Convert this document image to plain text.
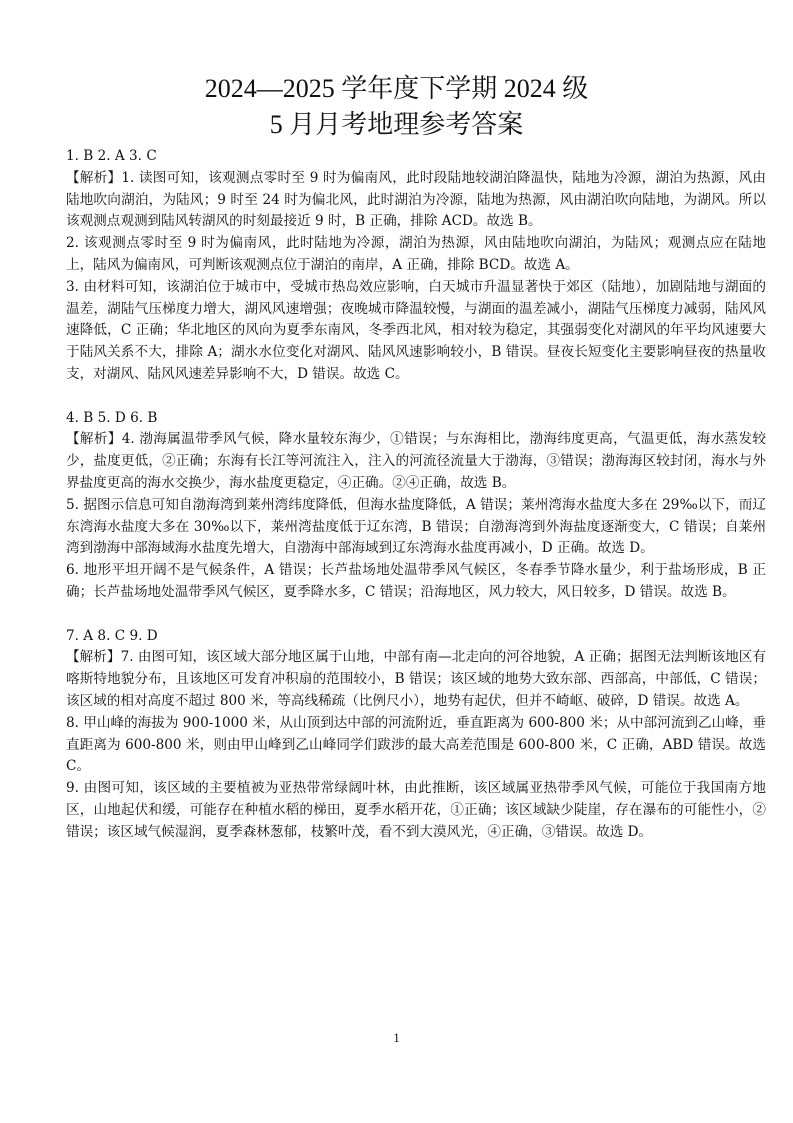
2024—2025 学年度下学期 2024 级
5 月月考地理参考答案

1. B 2. A 3. C

【解析】1. 读图可知，该观测点零时至 9 时为偏南风，此时段陆地较湖泊降温快，陆地为冷源，湖泊为热源，风由陆地吹向湖泊，为陆风；9 时至 24 时为偏北风，此时湖泊为冷源，陆地为热源，风由湖泊吹向陆地，为湖风。所以该观测点观测到陆风转湖风的时刻最接近 9 时，B 正确，排除 ACD。故选 B。

2. 该观测点零时至 9 时为偏南风，此时陆地为冷源，湖泊为热源，风由陆地吹向湖泊，为陆风；观测点应在陆地上，陆风为偏南风，可判断该观测点位于湖泊的南岸，A 正确，排除 BCD。故选 A。

3. 由材料可知，该湖泊位于城市中，受城市热岛效应影响，白天城市升温显著快于郊区（陆地），加剧陆地与湖面的温差，湖陆气压梯度力增大，湖风风速增强；夜晚城市降温较慢，与湖面的温差减小，湖陆气压梯度力减弱，陆风风速降低，C 正确；华北地区的风向为夏季东南风，冬季西北风，相对较为稳定，其强弱变化对湖风的年平均风速要大于陆风关系不大，排除 A；湖水水位变化对湖风、陆风风速影响较小，B 错误。昼夜长短变化主要影响昼夜的热量收支，对湖风、陆风风速差异影响不大，D 错误。故选 C。

4. B 5. D 6. B

【解析】4. 渤海属温带季风气候，降水量较东海少，①错误；与东海相比，渤海纬度更高，气温更低，海水蒸发较少，盐度更低，②正确；东海有长江等河流注入，注入的河流径流量大于渤海，③错误；渤海海区较封闭，海水与外界盐度更高的海水交换少，海水盐度更稳定，④正确。②④正确，故选 B。

5. 据图示信息可知自渤海湾到莱州湾纬度降低，但海水盐度降低，A 错误；莱州湾海水盐度大多在 29‰以下，而辽东湾海水盐度大多在 30‰以下，莱州湾盐度低于辽东湾，B 错误；自渤海湾到外海盐度逐渐变大，C 错误；自莱州湾到渤海中部海域海水盐度先增大，自渤海中部海域到辽东湾海水盐度再减小，D 正确。故选 D。

6. 地形平坦开阔不是气候条件，A 错误；长芦盐场地处温带季风气候区，冬春季节降水量少，利于盐场形成，B 正确；长芦盐场地处温带季风气候区，夏季降水多，C 错误；沿海地区，风力较大，风日较多，D 错误。故选 B。

7. A 8. C 9. D

【解析】7. 由图可知，该区域大部分地区属于山地，中部有南—北走向的河谷地貌，A 正确；据图无法判断该地区有喀斯特地貌分布，且该地区可发育冲积扇的范围较小，B 错误；该区域的地势大致东部、西部高，中部低，C 错误；该区域的相对高度不超过 800 米，等高线稀疏（比例尺小），地势有起伏，但并不崎岖、破碎，D 错误。故选 A。

8. 甲山峰的海拔为 900-1000 米，从山顶到达中部的河流附近，垂直距离为 600-800 米；从中部河流到乙山峰，垂直距离为 600-800 米，则由甲山峰到乙山峰同学们跋涉的最大高差范围是 600-800 米，C 正确，ABD 错误。故选 C。

9. 由图可知，该区域的主要植被为亚热带常绿阔叶林，由此推断，该区域属亚热带季风气候，可能位于我国南方地区，山地起伏和缓，可能存在种植水稻的梯田，夏季水稻开花，①正确；该区域缺少陡崖，存在瀑布的可能性小，②错误；该区域气候湿润，夏季森林葱郁，枝繁叶茂，看不到大漠风光，④正确，③错误。故选 D。

1
